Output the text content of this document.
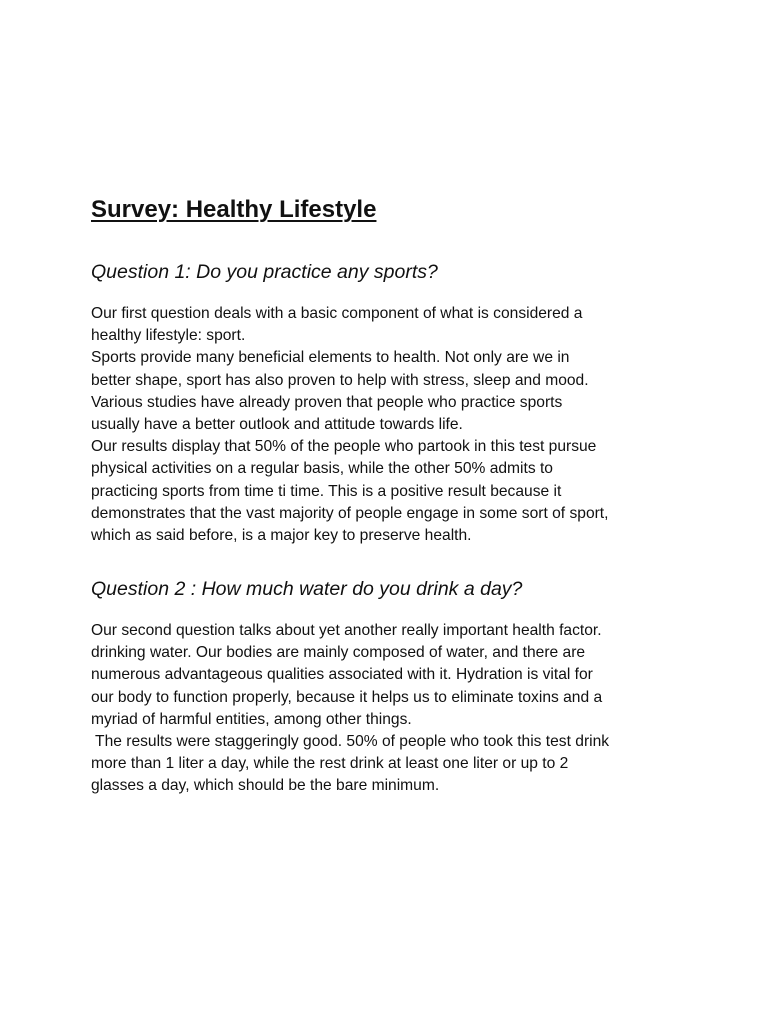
Survey: Healthy Lifestyle
Question 1: Do you practice any sports?

Our first question deals with a basic component of what is considered a
healthy lifestyle: sport.
Sports provide many beneficial elements to health. Not only are we in
better shape, sport has also proven to help with stress, sleep and mood.
Various studies have already proven that people who practice sports
usually have a better outlook and attitude towards life.
Our results display that 50% of the people who partook in this test pursue
physical activities on a regular basis, while the other 50% admits to
practicing sports from time ti time. This is a positive result because it
demonstrates that the vast majority of people engage in some sort of sport,
which as said before, is a major key to preserve health.

Question 2 : How much water do you drink a day?

Our second question talks about yet another really important health factor.
drinking water. Our bodies are mainly composed of water, and there are
numerous advantageous qualities associated with it. Hydration is vital for
our body to function properly, because it helps us to eliminate toxins and a
myriad of harmful entities, among other things.
The results were staggeringly good. 50% of people who took this test drink
more than 1 liter a day, while the rest drink at least one liter or up to 2
glasses a day, which should be the bare minimum.
